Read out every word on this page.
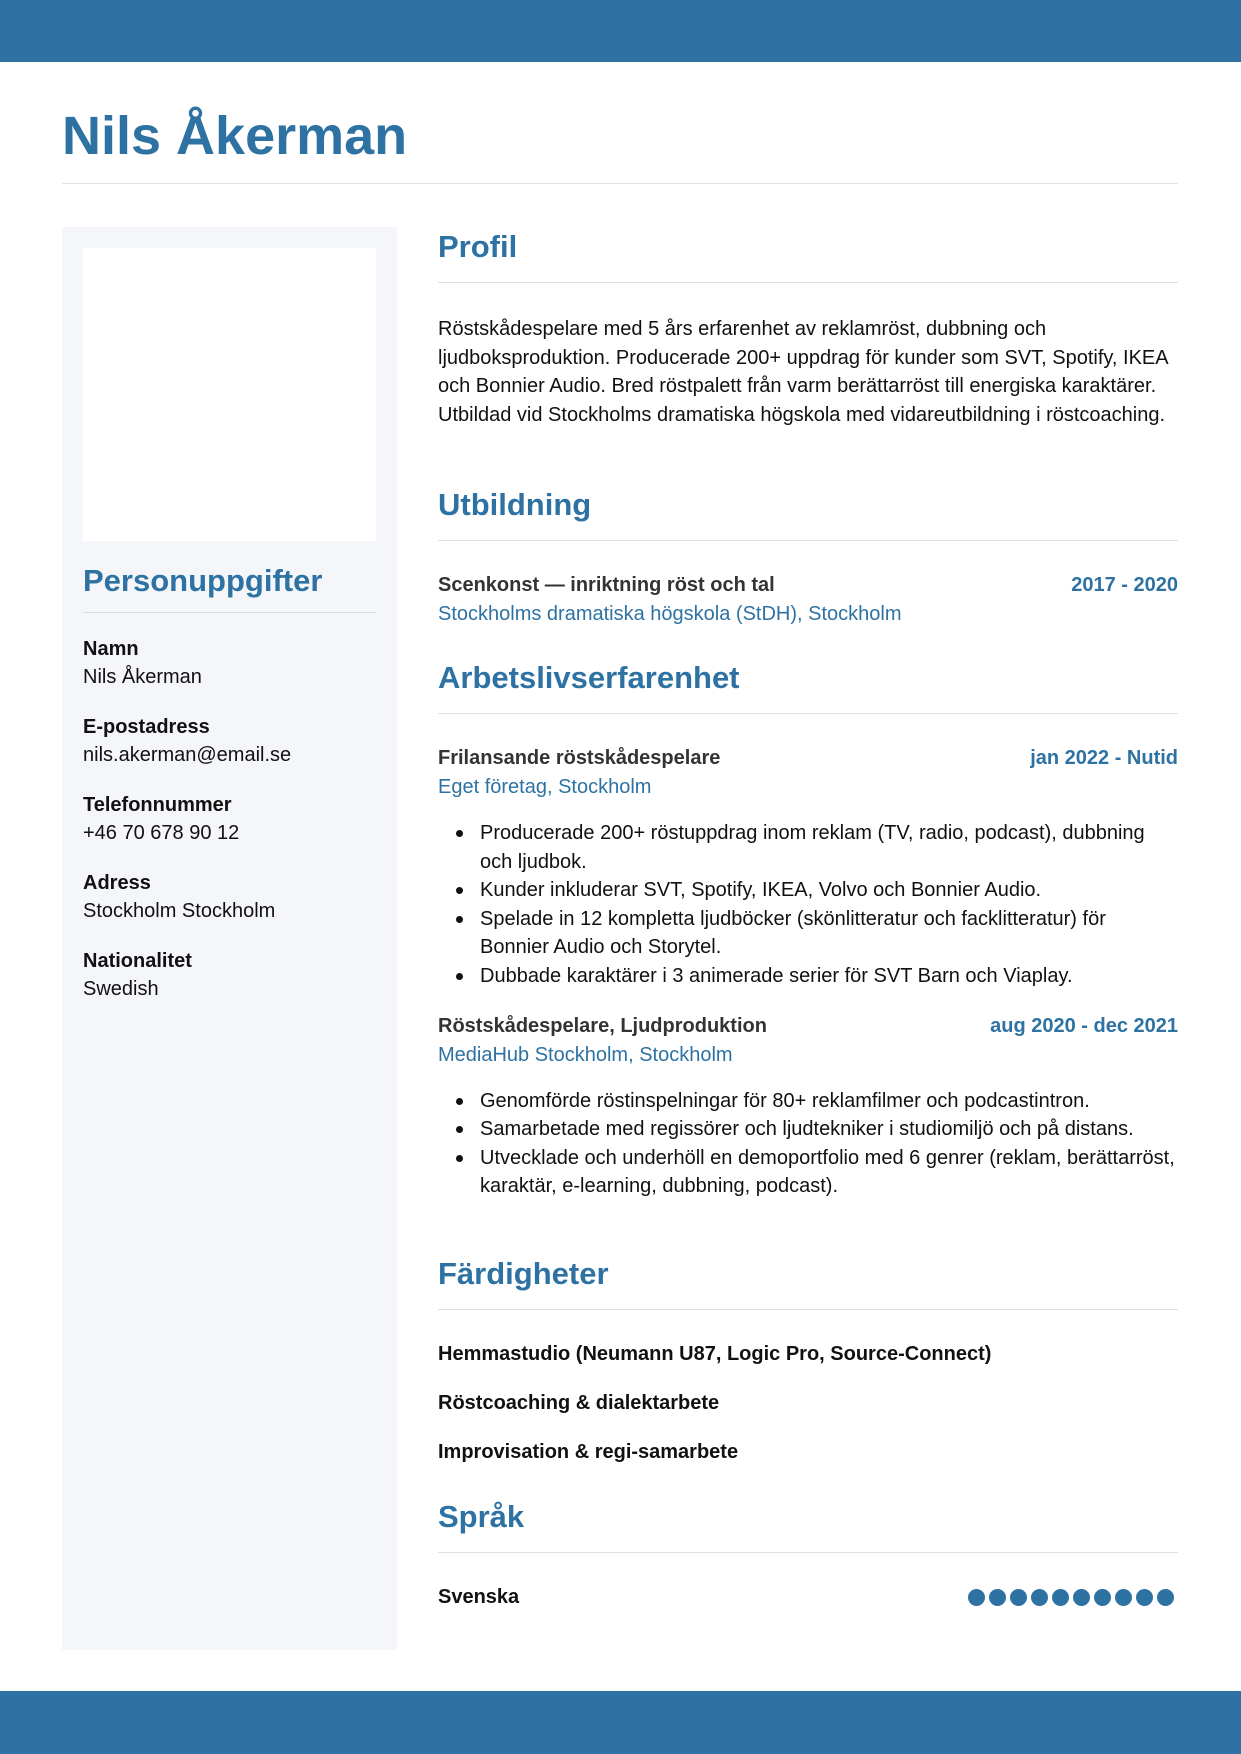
Nils Åkerman
Personuppgifter
Namn
Nils Åkerman
E-postadress
nils.akerman@email.se
Telefonnummer
+46 70 678 90 12
Adress
Stockholm Stockholm
Nationalitet
Swedish
Profil

Röstskådespelare med 5 års erfarenhet av reklamröst, dubbning och ljudboksproduktion. Producerade 200+ uppdrag för kunder som SVT, Spotify, IKEA och Bonnier Audio. Bred röstpalett från varm berättarröst till energiska karaktärer. Utbildad vid Stockholms dramatiska högskola med vidareutbildning i röstcoaching.

Utbildning
Scenkonst — inriktning röst och tal	2017 - 2020
Stockholms dramatiska högskola (StDH), Stockholm
Arbetslivserfarenhet
Frilansande röstskådespelare	jan 2022 - Nutid
Eget företag, Stockholm
Producerade 200+ röstuppdrag inom reklam (TV, radio, podcast), dubbning och ljudbok.
Kunder inkluderar SVT, Spotify, IKEA, Volvo och Bonnier Audio.
Spelade in 12 kompletta ljudböcker (skönlitteratur och facklitteratur) för Bonnier Audio och Storytel.
Dubbade karaktärer i 3 animerade serier för SVT Barn och Viaplay.
Röstskådespelare, Ljudproduktion	aug 2020 - dec 2021
MediaHub Stockholm, Stockholm
Genomförde röstinspelningar för 80+ reklamfilmer och podcastintron.
Samarbetade med regissörer och ljudtekniker i studiomiljö och på distans.
Utvecklade och underhöll en demoportfolio med 6 genrer (reklam, berättarröst, karaktär, e-learning, dubbning, podcast).
Färdigheter
Hemmastudio (Neumann U87, Logic Pro, Source-Connect)
Röstcoaching & dialektarbete
Improvisation & regi-samarbete
Språk
Svenska
